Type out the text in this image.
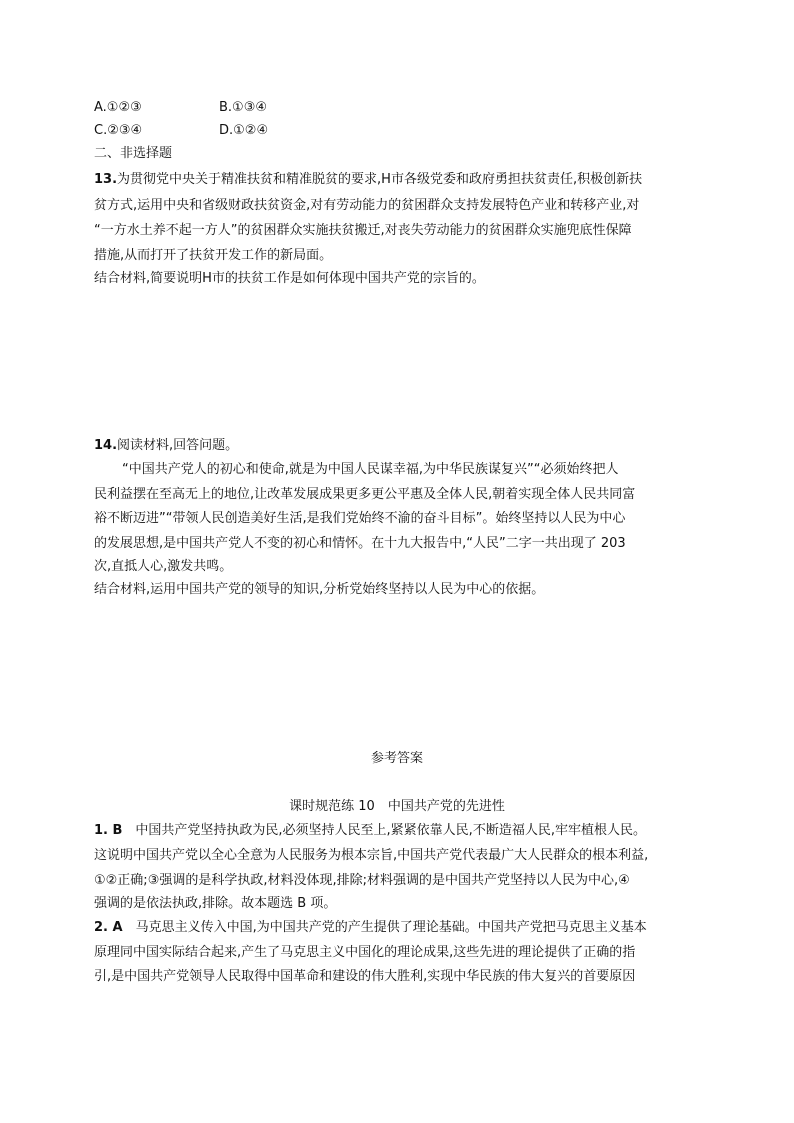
A.①②③	B.①③④
C.②③④	D.①②④
二、非选择题
13.为贯彻党中央关于精准扶贫和精准脱贫的要求,H市各级党委和政府勇担扶贫责任,积极创新扶
贫方式,运用中央和省级财政扶贫资金,对有劳动能力的贫困群众支持发展特色产业和转移产业,对
“一方水土养不起一方人”的贫困群众实施扶贫搬迁,对丧失劳动能力的贫困群众实施兜底性保障
措施,从而打开了扶贫开发工作的新局面。
结合材料,简要说明H市的扶贫工作是如何体现中国共产党的宗旨的。
14.阅读材料,回答问题。
“中国共产党人的初心和使命,就是为中国人民谋幸福,为中华民族谋复兴”“必须始终把人
民利益摆在至高无上的地位,让改革发展成果更多更公平惠及全体人民,朝着实现全体人民共同富
裕不断迈进”“带领人民创造美好生活,是我们党始终不渝的奋斗目标”。始终坚持以人民为中心
的发展思想,是中国共产党人不变的初心和情怀。在十九大报告中,“人民”二字一共出现了 203
次,直抵人心,激发共鸣。
结合材料,运用中国共产党的领导的知识,分析党始终坚持以人民为中心的依据。
参考答案
课时规范练 10　中国共产党的先进性
1. B　中国共产党坚持执政为民,必须坚持人民至上,紧紧依靠人民,不断造福人民,牢牢植根人民。
这说明中国共产党以全心全意为人民服务为根本宗旨,中国共产党代表最广大人民群众的根本利益,
①②正确;③强调的是科学执政,材料没体现,排除;材料强调的是中国共产党坚持以人民为中心,④
强调的是依法执政,排除。故本题选 B 项。
2. A　马克思主义传入中国,为中国共产党的产生提供了理论基础。中国共产党把马克思主义基本
原理同中国实际结合起来,产生了马克思主义中国化的理论成果,这些先进的理论提供了正确的指
引,是中国共产党领导人民取得中国革命和建设的伟大胜利,实现中华民族的伟大复兴的首要原因
